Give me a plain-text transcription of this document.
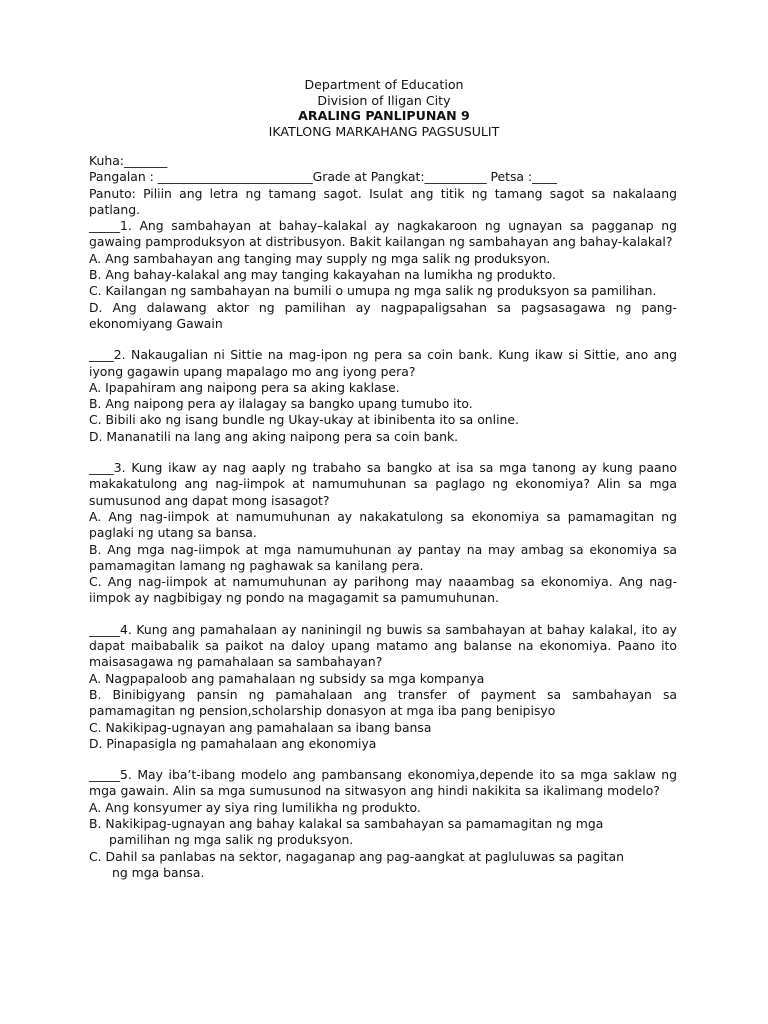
Department of Education
Division of Iligan City
ARALING PANLIPUNAN 9
IKATLONG MARKAHANG PAGSUSULIT
Kuha:_______
Pangalan : _________________________Grade at Pangkat:__________ Petsa :____
Panuto: Piliin ang letra ng tamang sagot. Isulat ang titik ng tamang sagot sa nakalaang patlang.
_____1. Ang sambahayan at bahay–kalakal ay nagkakaroon ng ugnayan sa pagganap ng gawaing pamproduksyon at distribusyon. Bakit kailangan ng sambahayan ang bahay-kalakal?
A. Ang sambahayan ang tanging may supply ng mga salik ng produksyon.
B. Ang bahay-kalakal ang may tanging kakayahan na lumikha ng produkto.
C. Kailangan ng sambahayan na bumili o umupa ng mga salik ng produksyon sa pamilihan.
D. Ang dalawang aktor ng pamilihan ay nagpapaligsahan sa pagsasagawa ng pang-ekonomiyang Gawain
____2. Nakaugalian ni Sittie na mag-ipon ng pera sa coin bank. Kung ikaw si Sittie, ano ang iyong gagawin upang mapalago mo ang iyong pera?
A. Ipapahiram ang naipong pera sa aking kaklase.
B. Ang naipong pera ay ilalagay sa bangko upang tumubo ito.
C. Bibili ako ng isang bundle ng Ukay-ukay at ibinibenta ito sa online.
D. Mananatili na lang ang aking naipong pera sa coin bank.
____3. Kung ikaw ay nag aaply ng trabaho sa bangko at isa sa mga tanong ay kung paano makakatulong ang nag-iimpok at namumuhunan sa paglago ng ekonomiya? Alin sa mga sumusunod ang dapat mong isasagot?
A. Ang nag-iimpok at namumuhunan ay nakakatulong sa ekonomiya sa pamamagitan ng paglaki ng utang sa bansa.
B. Ang mga nag-iimpok at mga namumuhunan ay pantay na may ambag sa ekonomiya sa pamamagitan lamang ng paghawak sa kanilang pera.
C. Ang nag-iimpok at namumuhunan ay parihong may naaambag sa ekonomiya. Ang nag-iimpok ay nagbibigay ng pondo na magagamit sa pamumuhunan.
_____4. Kung ang pamahalaan ay naniningil ng buwis sa sambahayan at bahay kalakal, ito ay dapat maibabalik sa paikot na daloy upang matamo ang balanse na ekonomiya. Paano ito maisasagawa ng pamahalaan sa sambahayan?
A. Nagpapaloob ang pamahalaan ng subsidy sa mga kompanya
B. Binibigyang pansin ng pamahalaan ang transfer of payment sa sambahayan sa pamamagitan ng pension,scholarship donasyon at mga iba pang benipisyo
C. Nakikipag-ugnayan ang pamahalaan sa ibang bansa
D. Pinapasigla ng pamahalaan ang ekonomiya
_____5. May iba’t-ibang modelo ang pambansang ekonomiya,depende ito sa mga saklaw ng mga gawain. Alin sa mga sumusunod na sitwasyon ang hindi nakikita sa ikalimang modelo?
A. Ang konsyumer ay siya ring lumilikha ng produkto.
B. Nakikipag-ugnayan ang bahay kalakal sa sambahayan sa pamamagitan ng mga
pamilihan ng mga salik ng produksyon.
C. Dahil sa panlabas na sektor, nagaganap ang pag-aangkat at pagluluwas sa pagitan
ng mga bansa.
